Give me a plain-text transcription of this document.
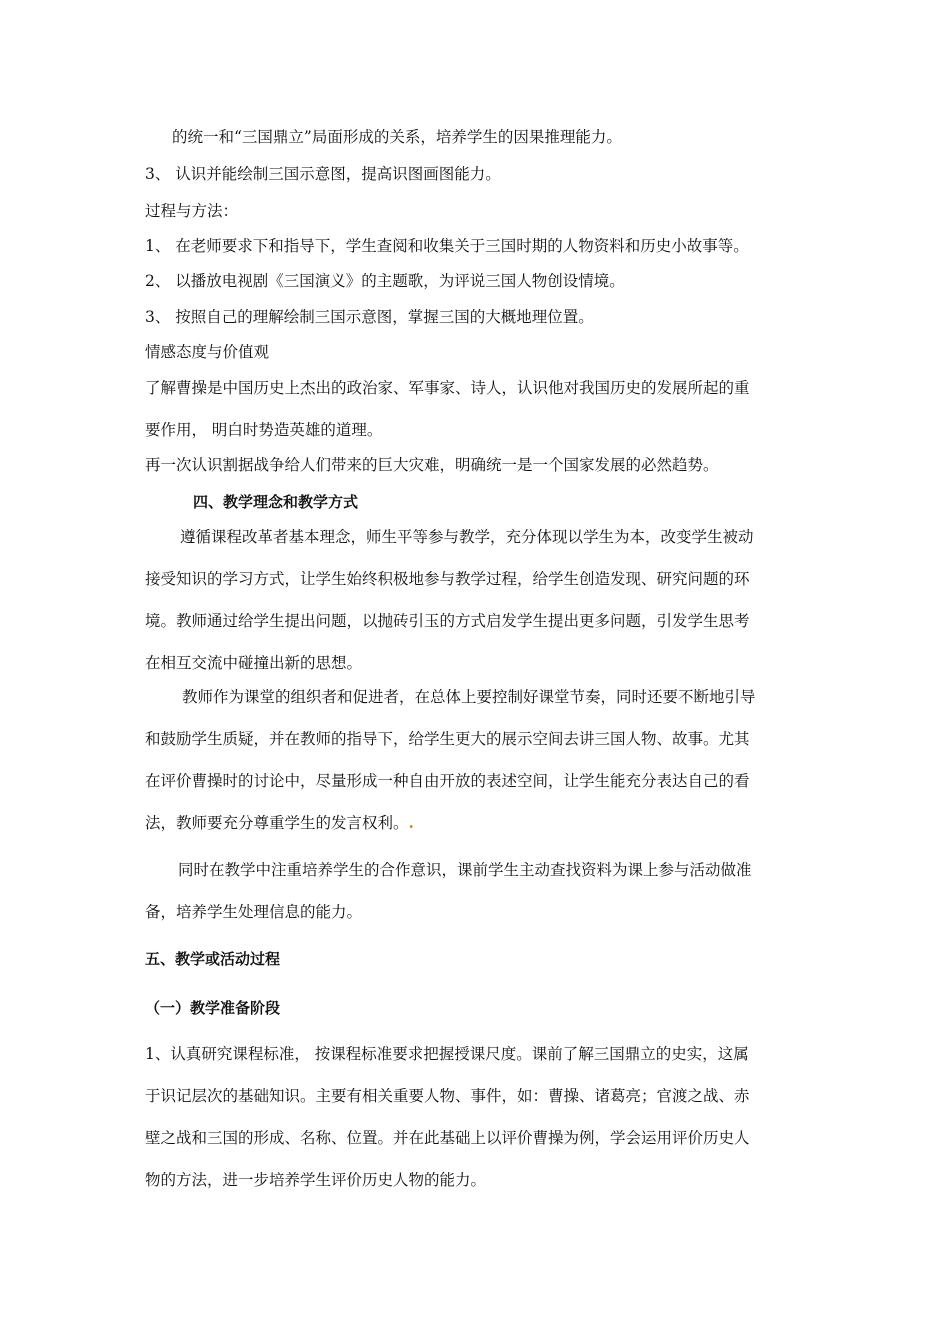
的统一和“三国鼎立”局面形成的关系，培养学生的因果推理能力。
3、 认识并能绘制三国示意图，提高识图画图能力。
过程与方法：
1、 在老师要求下和指导下，学生查阅和收集关于三国时期的人物资料和历史小故事等。
2、 以播放电视剧《三国演义》的主题歌，为评说三国人物创设情境。
3、 按照自己的理解绘制三国示意图，掌握三国的大概地理位置。
情感态度与价值观
了解曹操是中国历史上杰出的政治家、军事家、诗人，认识他对我国历史的发展所起的重
要作用， 明白时势造英雄的道理。
再一次认识割据战争给人们带来的巨大灾难，明确统一是一个国家发展的必然趋势。
四、教学理念和教学方式
遵循课程改革者基本理念，师生平等参与教学，充分体现以学生为本，改变学生被动
接受知识的学习方式，让学生始终积极地参与教学过程，给学生创造发现、研究问题的环
境。教师通过给学生提出问题，以抛砖引玉的方式启发学生提出更多问题，引发学生思考
在相互交流中碰撞出新的思想。
教师作为课堂的组织者和促进者，在总体上要控制好课堂节奏，同时还要不断地引导
和鼓励学生质疑，并在教师的指导下，给学生更大的展示空间去讲三国人物、故事。尤其
在评价曹操时的讨论中，尽量形成一种自由开放的表述空间，让学生能充分表达自己的看
法，教师要充分尊重学生的发言权利。.
同时在教学中注重培养学生的合作意识，课前学生主动查找资料为课上参与活动做准
备，培养学生处理信息的能力。
五、教学或活动过程
（一）教学准备阶段
1、认真研究课程标准， 按课程标准要求把握授课尺度。课前了解三国鼎立的史实，这属
于识记层次的基础知识。主要有相关重要人物、事件，如：曹操、诸葛亮；官渡之战、赤
壁之战和三国的形成、名称、位置。并在此基础上以评价曹操为例，学会运用评价历史人
物的方法，进一步培养学生评价历史人物的能力。
